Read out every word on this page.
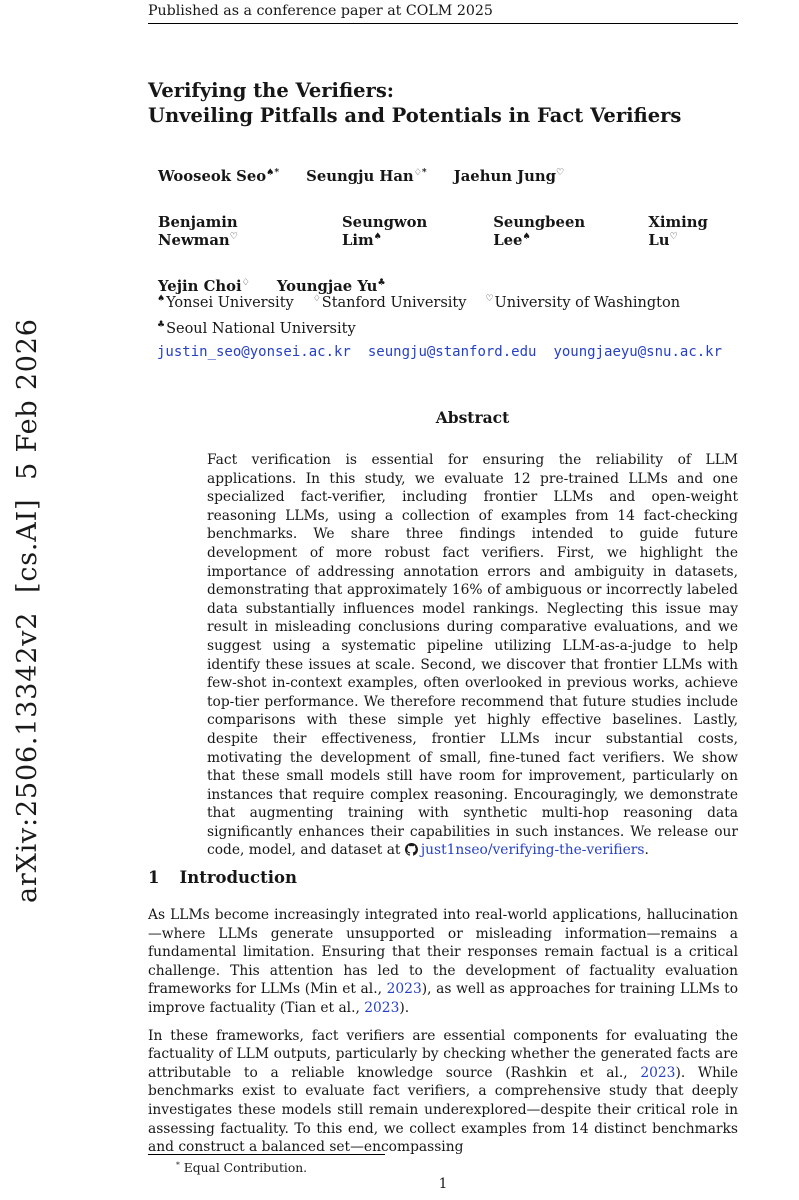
Published as a conference paper at COLM 2025
arXiv:2506.13342v2  [cs.AI]  5 Feb 2026
Verifying the Verifiers:
Unveiling Pitfalls and Potentials in Fact Verifiers
Wooseok Seo♠* Seungju Han♢* Jaehun Jung♡
Benjamin Newman♡
Seungwon Lim♠
Seungbeen Lee♠
Ximing Lu♡
Yejin Choi♢ Youngjae Yu♣
♠Yonsei University ♢Stanford University ♡University of Washington
♣Seoul National University
justin_seo@yonsei.ac.kr seungju@stanford.edu youngjaeyu@snu.ac.kr
Abstract

Fact verification is essential for ensuring the reliability of LLM applications. In this study, we evaluate 12 pre-trained LLMs and one specialized fact-verifier, including frontier LLMs and open-weight reasoning LLMs, using a collection of examples from 14 fact-checking benchmarks. We share three findings intended to guide future development of more robust fact verifiers. First, we highlight the importance of addressing annotation errors and ambiguity in datasets, demonstrating that approximately 16% of ambiguous or incorrectly labeled data substantially influences model rankings. Neglecting this issue may result in misleading conclusions during comparative evaluations, and we suggest using a systematic pipeline utilizing LLM-as-a-judge to help identify these issues at scale. Second, we discover that frontier LLMs with few-shot in-context examples, often overlooked in previous works, achieve top-tier performance. We therefore recommend that future studies include comparisons with these simple yet highly effective baselines. Lastly, despite their effectiveness, frontier LLMs incur substantial costs, motivating the development of small, fine-tuned fact verifiers. We show that these small models still have room for improvement, particularly on instances that require complex reasoning. Encouragingly, we demonstrate that augmenting training with synthetic multi-hop reasoning data significantly enhances their capabilities in such instances. We release our code, model, and dataset at just1nseo/verifying-the-verifiers.

1 Introduction

As LLMs become increasingly integrated into real-world applications, hallucination—where LLMs generate unsupported or misleading information—remains a fundamental limitation. Ensuring that their responses remain factual is a critical challenge. This attention has led to the development of factuality evaluation frameworks for LLMs (Min et al., 2023), as well as approaches for training LLMs to improve factuality (Tian et al., 2023).

In these frameworks, fact verifiers are essential components for evaluating the factuality of LLM outputs, particularly by checking whether the generated facts are attributable to a reliable knowledge source (Rashkin et al., 2023). While benchmarks exist to evaluate fact verifiers, a comprehensive study that deeply investigates these models still remain underexplored—despite their critical role in assessing factuality. To this end, we collect examples from 14 distinct benchmarks and construct a balanced set—encompassing

* Equal Contribution.
1
